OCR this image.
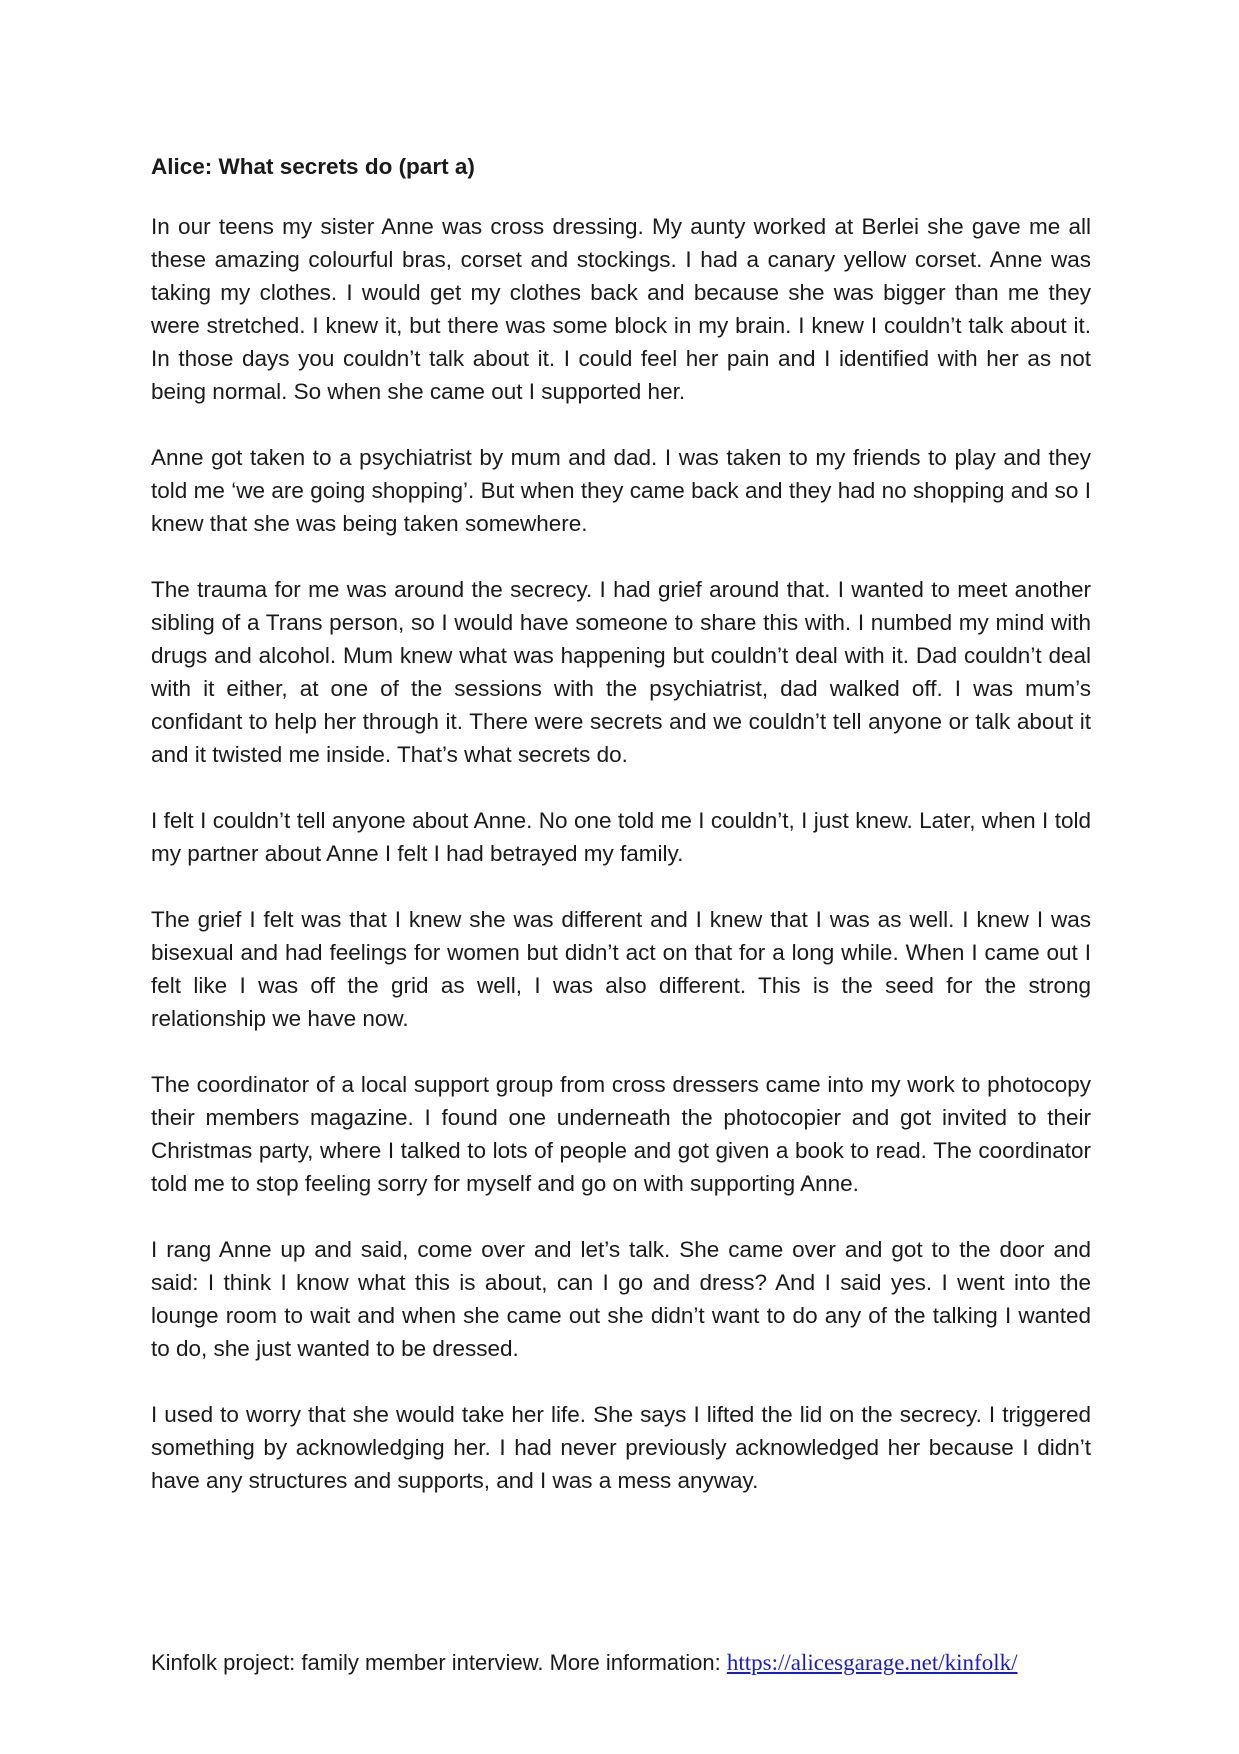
Alice: What secrets do (part a)

In our teens my sister Anne was cross dressing. My aunty worked at Berlei she gave me all these amazing colourful bras, corset and stockings. I had a canary yellow corset. Anne was taking my clothes. I would get my clothes back and because she was bigger than me they were stretched. I knew it, but there was some block in my brain. I knew I couldn’t talk about it. In those days you couldn’t talk about it. I could feel her pain and I identified with her as not being normal. So when she came out I supported her.

Anne got taken to a psychiatrist by mum and dad. I was taken to my friends to play and they told me ‘we are going shopping’. But when they came back and they had no shopping and so I knew that she was being taken somewhere.

The trauma for me was around the secrecy. I had grief around that. I wanted to meet another sibling of a Trans person, so I would have someone to share this with. I numbed my mind with drugs and alcohol. Mum knew what was happening but couldn’t deal with it. Dad couldn’t deal with it either, at one of the sessions with the psychiatrist, dad walked off. I was mum’s confidant to help her through it. There were secrets and we couldn’t tell anyone or talk about it and it twisted me inside. That’s what secrets do.

I felt I couldn’t tell anyone about Anne. No one told me I couldn’t, I just knew. Later, when I told my partner about Anne I felt I had betrayed my family.

The grief I felt was that I knew she was different and I knew that I was as well. I knew I was bisexual and had feelings for women but didn’t act on that for a long while. When I came out I felt like I was off the grid as well, I was also different. This is the seed for the strong relationship we have now.

The coordinator of a local support group from cross dressers came into my work to photocopy their members magazine. I found one underneath the photocopier and got invited to their Christmas party, where I talked to lots of people and got given a book to read. The coordinator told me to stop feeling sorry for myself and go on with supporting Anne.

I rang Anne up and said, come over and let’s talk. She came over and got to the door and said: I think I know what this is about, can I go and dress? And I said yes. I went into the lounge room to wait and when she came out she didn’t want to do any of the talking I wanted to do, she just wanted to be dressed.

I used to worry that she would take her life. She says I lifted the lid on the secrecy. I triggered something by acknowledging her. I had never previously acknowledged her because I didn’t have any structures and supports, and I was a mess anyway.

Kinfolk project: family member interview. More information: https://alicesgarage.net/kinfolk/
